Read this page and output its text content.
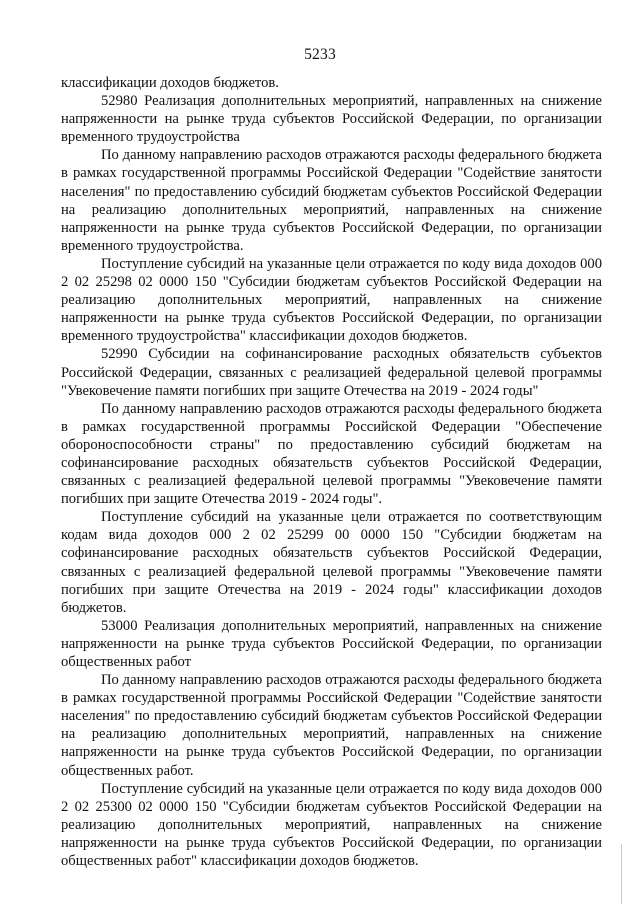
5233

классификации доходов бюджетов.

52980 Реализация дополнительных мероприятий, направленных на снижение напряженности на рынке труда субъектов Российской Федерации, по организации временного трудоустройства

По данному направлению расходов отражаются расходы федерального бюджета в рамках государственной программы Российской Федерации "Содействие занятости населения" по предоставлению субсидий бюджетам субъектов Российской Федерации на реализацию дополнительных мероприятий, направленных на снижение напряженности на рынке труда субъектов Российской Федерации, по организации временного трудоустройства.

Поступление субсидий на указанные цели отражается по коду вида доходов 000 2 02 25298 02 0000 150 "Субсидии бюджетам субъектов Российской Федерации на реализацию дополнительных мероприятий, направленных на снижение напряженности на рынке труда субъектов Российской Федерации, по организации временного трудоустройства" классификации доходов бюджетов.

52990 Субсидии на софинансирование расходных обязательств субъектов Российской Федерации, связанных с реализацией федеральной целевой программы "Увековечение памяти погибших при защите Отечества на 2019 - 2024 годы"

По данному направлению расходов отражаются расходы федерального бюджета в рамках государственной программы Российской Федерации "Обеспечение обороноспособности страны" по предоставлению субсидий бюджетам на софинансирование расходных обязательств субъектов Российской Федерации, связанных с реализацией федеральной целевой программы "Увековечение памяти погибших при защите Отечества 2019 - 2024 годы".

Поступление субсидий на указанные цели отражается по соответствующим кодам вида доходов 000 2 02 25299 00 0000 150 "Субсидии бюджетам на софинансирование расходных обязательств субъектов Российской Федерации, связанных с реализацией федеральной целевой программы "Увековечение памяти погибших при защите Отечества на 2019 - 2024 годы" классификации доходов бюджетов.

53000 Реализация дополнительных мероприятий, направленных на снижение напряженности на рынке труда субъектов Российской Федерации, по организации общественных работ

По данному направлению расходов отражаются расходы федерального бюджета в рамках государственной программы Российской Федерации "Содействие занятости населения" по предоставлению субсидий бюджетам субъектов Российской Федерации на реализацию дополнительных мероприятий, направленных на снижение напряженности на рынке труда субъектов Российской Федерации, по организации общественных работ.

Поступление субсидий на указанные цели отражается по коду вида доходов 000 2 02 25300 02 0000 150 "Субсидии бюджетам субъектов Российской Федерации на реализацию дополнительных мероприятий, направленных на снижение напряженности на рынке труда субъектов Российской Федерации, по организации общественных работ" классификации доходов бюджетов.
